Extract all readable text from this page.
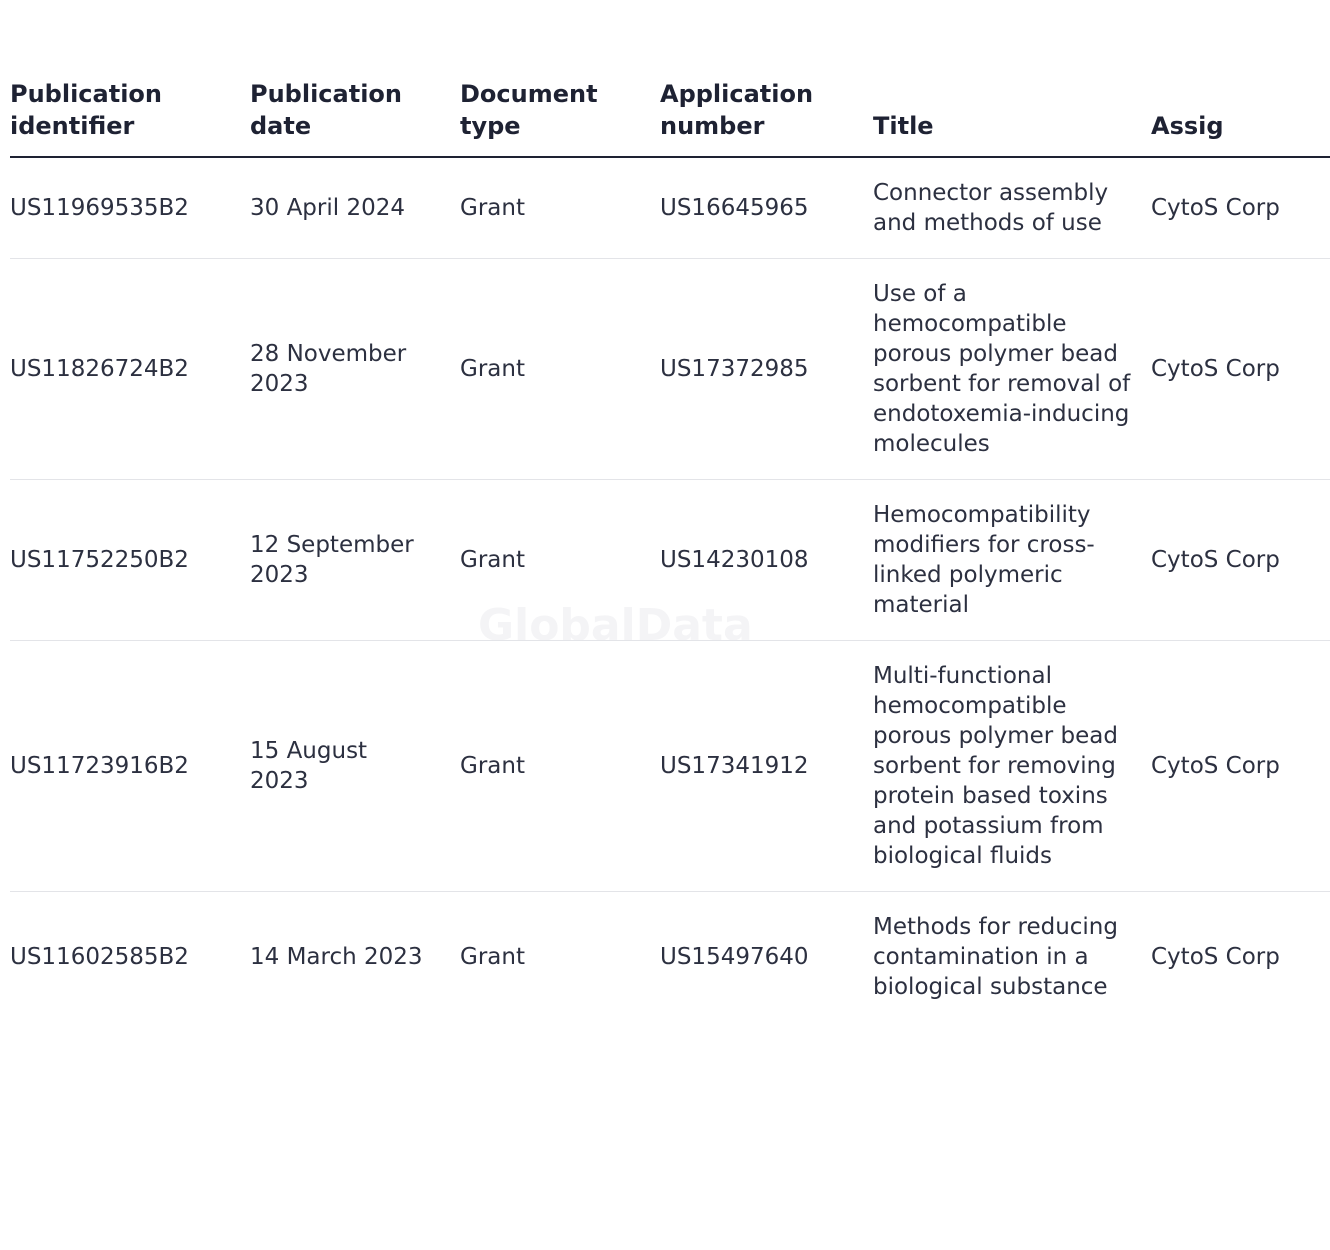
GlobalData
Publication identifier	Publication date	Document type	Application number	Title	Assig
US11969535B2	30 April 2024	Grant	US16645965	Connector assembly and methods of use	CytoS Corp
US11826724B2	28 November 2023	Grant	US17372985	Use of a hemocompatible porous polymer bead sorbent for removal of endotoxemia-inducing molecules	CytoS Corp
US11752250B2	12 September 2023	Grant	US14230108	Hemocompatibility modifiers for cross-linked polymeric material	CytoS Corp
US11723916B2	15 August 2023	Grant	US17341912	Multi-functional hemocompatible porous polymer bead sorbent for removing protein based toxins and potassium from biological fluids	CytoS Corp
US11602585B2	14 March 2023	Grant	US15497640	Methods for reducing contamination in a biological substance	CytoS Corp
